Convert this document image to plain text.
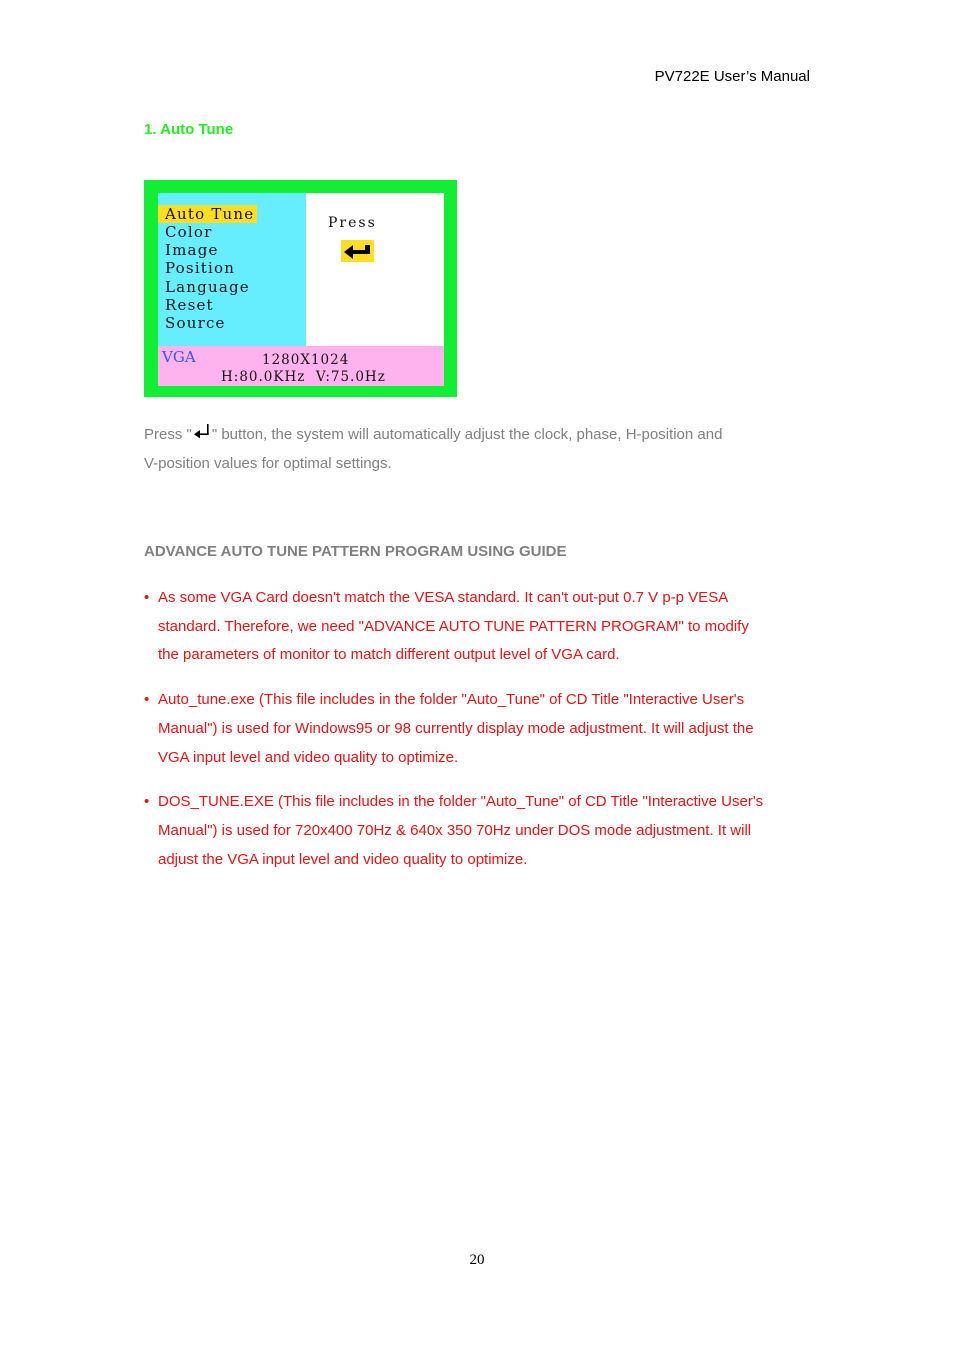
PV722E User’s Manual
1. Auto Tune
Auto Tune
Color
Image
Position
Language
Reset
Source
Press
VGA	1280X1024
H:80.0KHz  V:75.0Hz
Press " " button, the system will automatically adjust the clock, phase, H-position and
V-position values for optimal settings.
ADVANCE AUTO TUNE PATTERN PROGRAM USING GUIDE
• As some VGA Card doesn't match the VESA standard. It can't out-put 0.7 V p-p VESA standard. Therefore, we need "ADVANCE AUTO TUNE PATTERN PROGRAM" to modify the parameters of monitor to match different output level of VGA card.
• Auto_tune.exe (This file includes in the folder "Auto_Tune" of CD Title "Interactive User's Manual") is used for Windows95 or 98 currently display mode adjustment. It will adjust the VGA input level and video quality to optimize.
• DOS_TUNE.EXE (This file includes in the folder "Auto_Tune" of CD Title "Interactive User's Manual") is used for 720x400 70Hz & 640x 350 70Hz under DOS mode adjustment. It will adjust the VGA input level and video quality to optimize.
20
